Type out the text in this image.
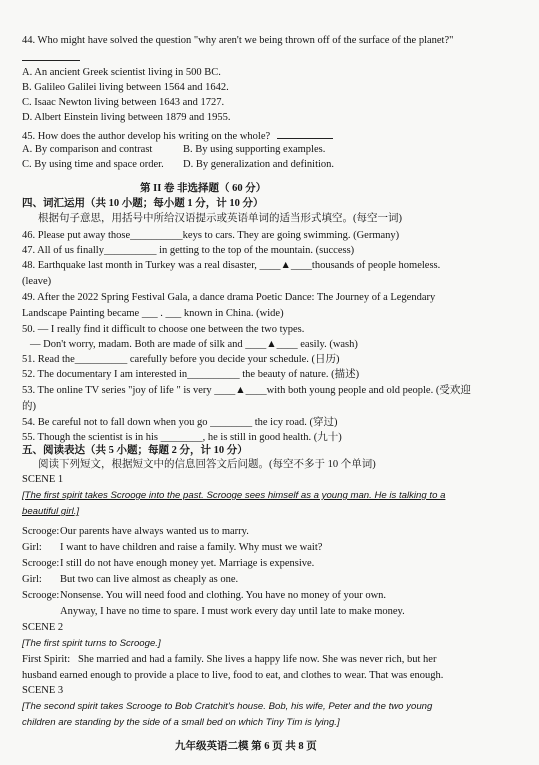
44. Who might have solved the question "why aren't we being thrown off of the surface of the planet?"
A. An ancient Greek scientist living in 500 BC.
B. Galileo Galilei living between 1564 and 1642.
C. Isaac Newton living between 1643 and 1727.
D. Albert Einstein living between 1879 and 1955.
45. How does the author develop his writing on the whole?
A. By comparison and contrast	B. By using supporting examples.
C. By using time and space order. D. By generalization and definition.
第 II 卷 非选择题（ 60 分）
四、词汇运用（共 10 小题；每小题 1 分，计 10 分）
根据句子意思，用括号中所给汉语提示或英语单词的适当形式填空。(每空一词)
46. Please put away those__________keys to cars. They are going swimming. (Germany)
47. All of us finally__________ in getting to the top of the mountain. (success)
48. Earthquake last month in Turkey was a real disaster, ____▲____thousands of people homeless.
(leave)
49. After the 2022 Spring Festival Gala, a dance drama Poetic Dance: The Journey of a Legendary
Landscape Painting became ___ . ___ known in China. (wide)
50. — I really find it difficult to choose one between the two types.
— Don't worry, madam. Both are made of silk and ____▲____ easily. (wash)
51. Read the__________ carefully before you decide your schedule. (日历)
52. The documentary I am interested in__________ the beauty of nature. (描述)
53. The online TV series "joy of life " is very ____▲____with both young people and old people. (受欢迎
的)
54. Be careful not to fall down when you go ________ the icy road. (穿过)
55. Though the scientist is in his ________, he is still in good health. (九十)
五、阅读表达（共 5 小题；每题 2 分，计 10 分）
阅读下列短文，根据短文中的信息回答文后问题。(每空不多于 10 个单词)
SCENE 1
[The first spirit takes Scrooge into the past. Scrooge sees himself as a young man. He is talking to a
beautiful girl.]
Scrooge:Our parents have always wanted us to marry.
Girl: I want to have children and raise a family. Why must we wait?
Scrooge:I still do not have enough money yet. Marriage is expensive.
Girl: But two can live almost as cheaply as one.
Scrooge:Nonsense. You will need food and clothing. You have no money of your own.
Anyway, I have no time to spare. I must work every day until late to make money.
SCENE 2
[The first spirit turns to Scrooge.]
First Spirit: She married and had a family. She lives a happy life now. She was never rich, but her
husband earned enough to provide a place to live, food to eat, and clothes to wear. That was enough.
SCENE 3
[The second spirit takes Scrooge to Bob Cratchit's house. Bob, his wife, Peter and the two young
children are standing by the side of a small bed on which Tiny Tim is lying.]
九年级英语二模 第 6 页 共 8 页
